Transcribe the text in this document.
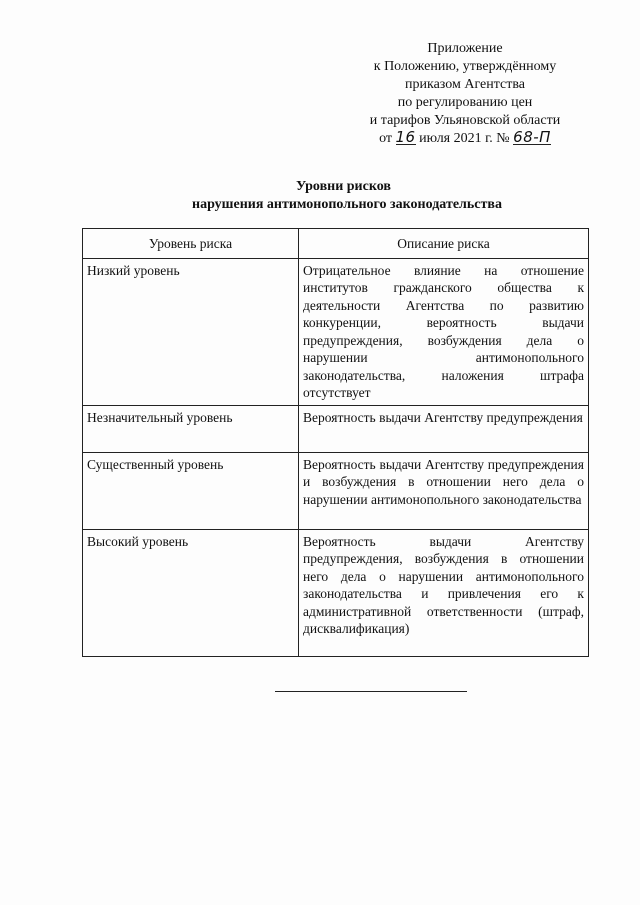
Приложение
к Положению, утверждённому
приказом Агентства
по регулированию цен
и тарифов Ульяновской области
от 16 июля 2021 г. № 68-П
Уровни рисков
нарушения антимонопольного законодательства
Уровень риска	Описание риска
Низкий уровень	Отрицательное влияние на отношение институтов гражданского общества к деятельности Агентства по развитию конкуренции, вероятность выдачи предупреждения, возбуждения дела о нарушении антимонопольного законодательства, наложения штрафа отсутствует
Незначительный уровень	Вероятность выдачи Агентству предупреждения
Существенный уровень	Вероятность выдачи Агентству предупреждения и возбуждения в отношении него дела о нарушении антимонопольного законодательства
Высокий уровень	Вероятность выдачи Агентству предупреждения, возбуждения в отношении него дела о нарушении антимонопольного законодательства и привлечения его к административной ответственности (штраф, дисквалификация)
